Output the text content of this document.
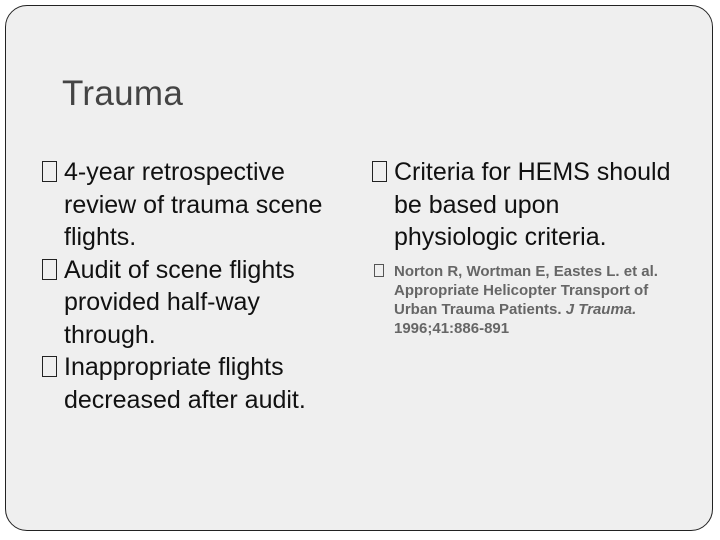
Trauma
4-year retrospective review of trauma scene flights.
Audit of scene flights provided half-way through.
Inappropriate flights decreased after audit.
Criteria for HEMS should be based upon physiologic criteria.
Norton R, Wortman E, Eastes L. et al. Appropriate Helicopter Transport of Urban Trauma Patients. J Trauma. 1996;41:886-891
